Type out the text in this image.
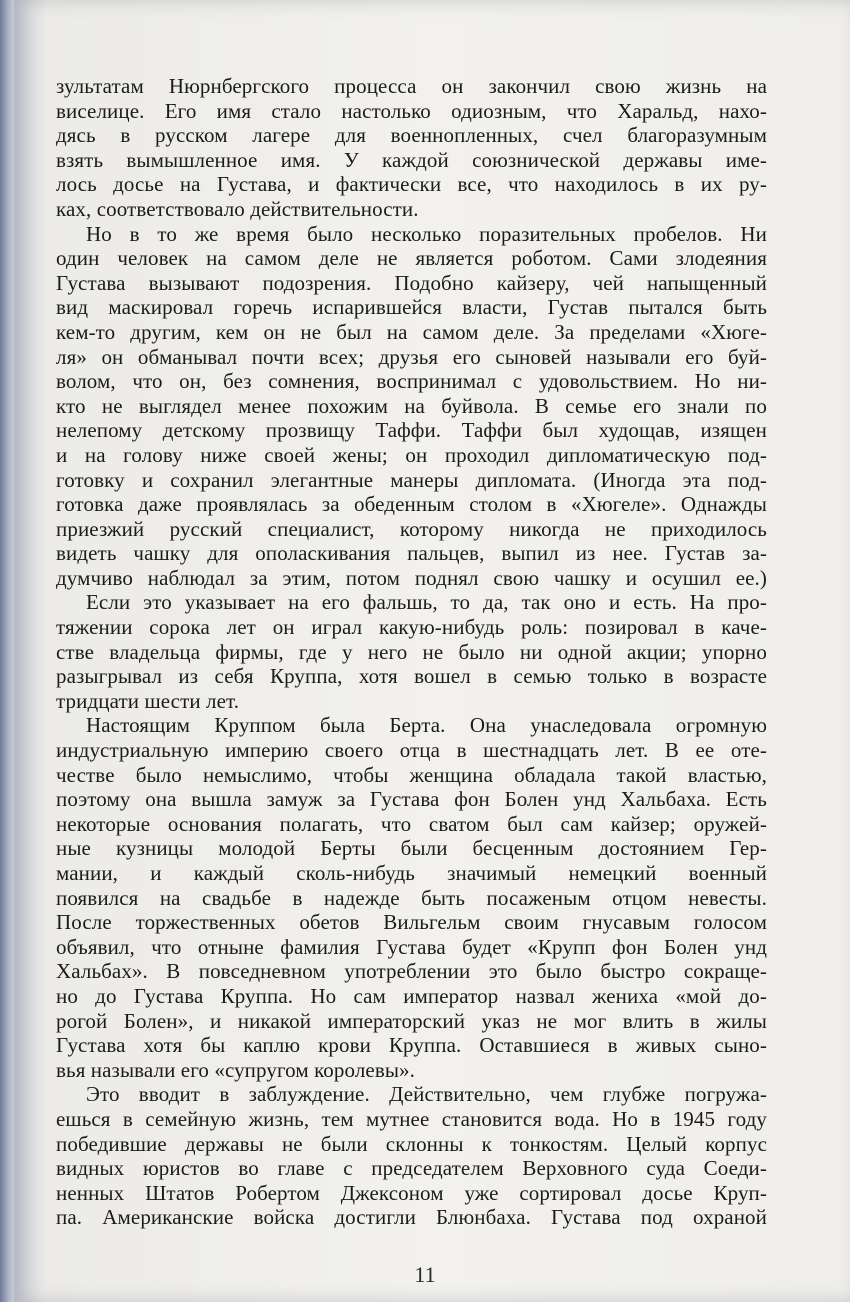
зультатам Нюрнбергского процесса он закончил свою жизнь на
виселице. Его имя стало настолько одиозным, что Харальд, нахо-
дясь в русском лагере для военнопленных, счел благоразумным
взять вымышленное имя. У каждой союзнической державы име-
лось досье на Густава, и фактически все, что находилось в их ру-
ках, соответствовало действительности.
Но в то же время было несколько поразительных пробелов. Ни
один человек на самом деле не является роботом. Сами злодеяния
Густава вызывают подозрения. Подобно кайзеру, чей напыщенный
вид маскировал горечь испарившейся власти, Густав пытался быть
кем-то другим, кем он не был на самом деле. За пределами «Хюге-
ля» он обманывал почти всех; друзья его сыновей называли его буй-
волом, что он, без сомнения, воспринимал с удовольствием. Но ни-
кто не выглядел менее похожим на буйвола. В семье его знали по
нелепому детскому прозвищу Таффи. Таффи был худощав, изящен
и на голову ниже своей жены; он проходил дипломатическую под-
готовку и сохранил элегантные манеры дипломата. (Иногда эта под-
готовка даже проявлялась за обеденным столом в «Хюгеле». Однажды
приезжий русский специалист, которому никогда не приходилось
видеть чашку для ополаскивания пальцев, выпил из нее. Густав за-
думчиво наблюдал за этим, потом поднял свою чашку и осушил ее.)
Если это указывает на его фальшь, то да, так оно и есть. На про-
тяжении сорока лет он играл какую-нибудь роль: позировал в каче-
стве владельца фирмы, где у него не было ни одной акции; упорно
разыгрывал из себя Круппа, хотя вошел в семью только в возрасте
тридцати шести лет.
Настоящим Круппом была Берта. Она унаследовала огромную
индустриальную империю своего отца в шестнадцать лет. В ее оте-
честве было немыслимо, чтобы женщина обладала такой властью,
поэтому она вышла замуж за Густава фон Болен унд Хальбаха. Есть
некоторые основания полагать, что сватом был сам кайзер; оружей-
ные кузницы молодой Берты были бесценным достоянием Гер-
мании, и каждый сколь-нибудь значимый немецкий военный
появился на свадьбе в надежде быть посаженым отцом невесты.
После торжественных обетов Вильгельм своим гнусавым голосом
объявил, что отныне фамилия Густава будет «Крупп фон Болен унд
Хальбах». В повседневном употреблении это было быстро сокраще-
но до Густава Круппа. Но сам император назвал жениха «мой до-
рогой Болен», и никакой императорский указ не мог влить в жилы
Густава хотя бы каплю крови Круппа. Оставшиеся в живых сыно-
вья называли его «супругом королевы».
Это вводит в заблуждение. Действительно, чем глубже погружа-
ешься в семейную жизнь, тем мутнее становится вода. Но в 1945 году
победившие державы не были склонны к тонкостям. Целый корпус
видных юристов во главе с председателем Верховного суда Соеди-
ненных Штатов Робертом Джексоном уже сортировал досье Круп-
па. Американские войска достигли Блюнбаха. Густава под охраной
11
